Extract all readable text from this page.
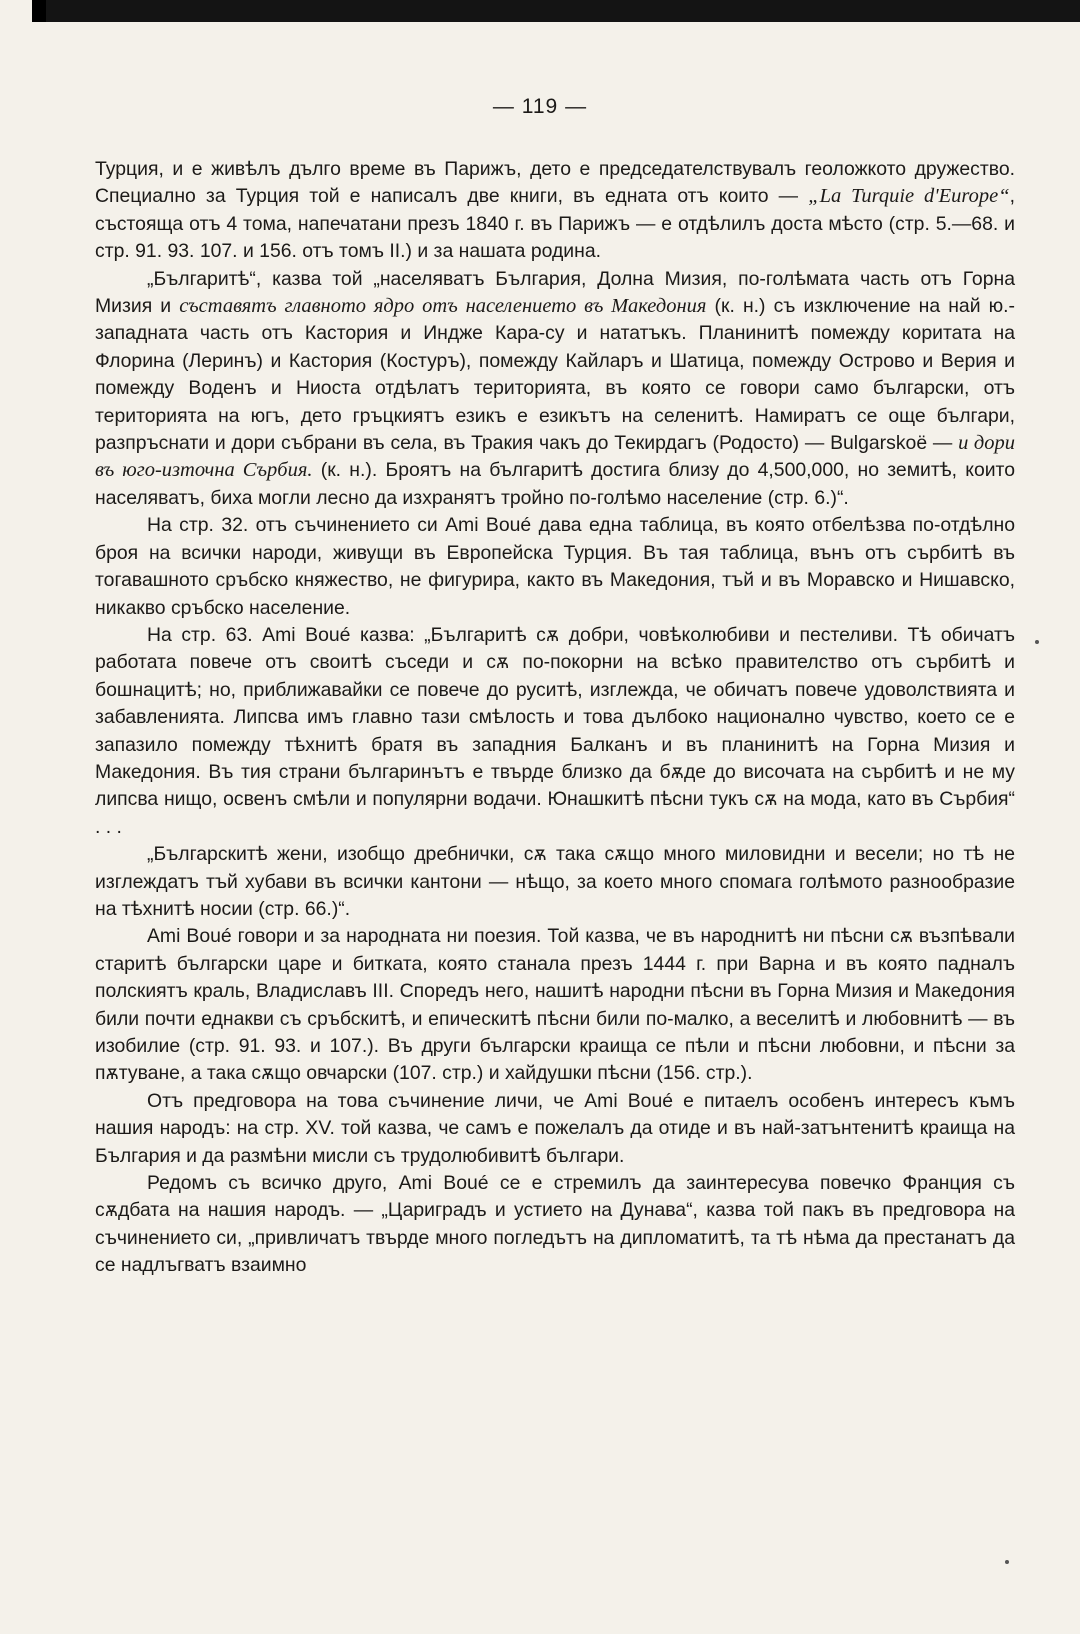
— 119 —

Турция, и е живѣлъ дълго време въ Парижъ, дето е председателствувалъ геоложкото дружество. Специално за Турция той е написалъ две книги, въ едната отъ които — „La Turquie d'Europe“, състояща отъ 4 тома, напечатани презъ 1840 г. въ Парижъ — е отдѣлилъ доста мѣсто (стр. 5.—68. и стр. 91. 93. 107. и 156. отъ томъ II.) и за нашата родина.

„Българитѣ“, казва той „населяватъ България, Долна Мизия, по-голѣмата часть отъ Горна Мизия и съставятъ главното ядро отъ населението въ Македония (к. н.) съ изключение на най ю.-западната часть отъ Кастория и Индже Кара-су и нататъкъ. Планинитѣ помежду коритата на Флорина (Леринъ) и Кастория (Костуръ), помежду Кайларъ и Шатица, помежду Острово и Верия и помежду Воденъ и Ниоста отдѣлатъ територията, въ която се говори само български, отъ територията на югъ, дето гръцкиятъ езикъ е езикътъ на селенитѣ. Намиратъ се още българи, разпръснати и дори събрани въ села, въ Тракия чакъ до Текирдагъ (Родосто) — Bulgarskoë — и дори въ юго-източна Сърбия. (к. н.). Броятъ на българитѣ достига близу до 4,500,000, но земитѣ, които населяватъ, биха могли лесно да изхранятъ тройно по-голѣмо население (стр. 6.)“.

На стр. 32. отъ съчинението си Ami Boué дава една таблица, въ която отбелѣзва по-отдѣлно броя на всички народи, живущи въ Европейска Турция. Въ тая таблица, вънъ отъ сърбитѣ въ тогавашното сръбско княжество, не фигурира, както въ Македония, тъй и въ Моравско и Нишавско, никакво сръбско население.

На стр. 63. Ami Boué казва: „Българитѣ сѫ добри, човѣколюбиви и пестеливи. Тѣ обичатъ работата повече отъ своитѣ съседи и сѫ по-покорни на всѣко правителство отъ сърбитѣ и бошнацитѣ; но, приближавайки се повече до руситѣ, изглежда, че обичатъ повече удоволствията и забавленията. Липсва имъ главно тази смѣлость и това дълбоко национално чувство, което се е запазило помежду тѣхнитѣ братя въ западния Балканъ и въ планинитѣ на Горна Мизия и Македония. Въ тия страни българинътъ е твърде близко да бѫде до височата на сърбитѣ и не му липсва нищо, освенъ смѣли и популярни водачи. Юнашкитѣ пѣсни тукъ сѫ на мода, като въ Сърбия“ . . .

„Българскитѣ жени, изобщо дребнички, сѫ така сѫщо много миловидни и весели; но тѣ не изглеждатъ тъй хубави въ всички кантони — нѣщо, за което много спомага голѣмото разнообразие на тѣхнитѣ носии (стр. 66.)“.

Ami Boué говори и за народната ни поезия. Той казва, че въ народнитѣ ни пѣсни сѫ възпѣвали старитѣ български царе и битката, която станала презъ 1444 г. при Варна и въ която падналъ полскиятъ краль, Владиславъ III. Споредъ него, нашитѣ народни пѣсни въ Горна Мизия и Македония били почти еднакви съ сръбскитѣ, и епическитѣ пѣсни били по-малко, а веселитѣ и любовнитѣ — въ изобилие (стр. 91. 93. и 107.). Въ други български краища се пѣли и пѣсни любовни, и пѣсни за пѫтуване, а така сѫщо овчарски (107. стр.) и хайдушки пѣсни (156. стр.).

Отъ предговора на това съчинение личи, че Ami Boué е питаелъ особенъ интересъ къмъ нашия народъ: на стр. XV. той казва, че самъ е пожелалъ да отиде и въ най-затънтенитѣ краища на България и да размѣни мисли съ трудолюбивитѣ българи.

Редомъ съ всичко друго, Ami Boué се е стремилъ да заинтересува повечко Франция съ сѫдбата на нашия народъ. — „Цариградъ и устието на Дунава“, казва той пакъ въ предговора на съчинението си, „привличатъ твърде много погледътъ на дипломатитѣ, та тѣ нѣма да престанатъ да се надлъгватъ взаимно
